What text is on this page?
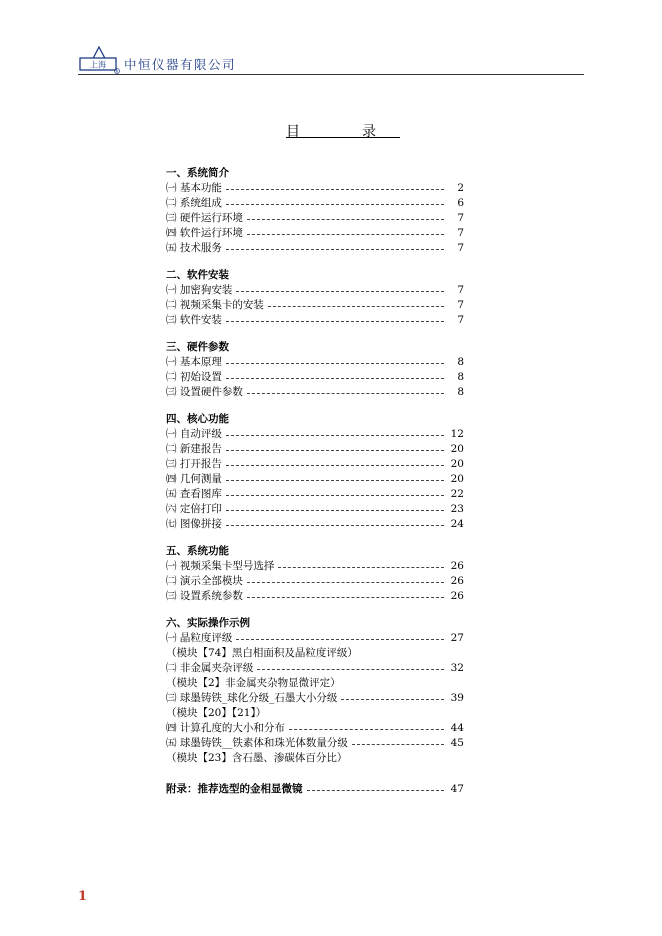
上海
R 中恒仪器有限公司
目　录
一、系统简介
㈠ 基本功能	2
㈡ 系统组成	6
㈢ 硬件运行环境	7
㈣ 软件运行环境	7
㈤ 技术服务	7
二、软件安装
㈠ 加密狗安装	7
㈡ 视频采集卡的安装	7
㈢ 软件安装	7
三、硬件参数
㈠ 基本原理	8
㈡ 初始设置	8
㈢ 设置硬件参数	8
四、核心功能
㈠ 自动评级	12
㈡ 新建报告	20
㈢ 打开报告	20
㈣ 几何测量	20
㈤ 查看图库	22
㈥ 定倍打印	23
㈦ 图像拼接	24
五、系统功能
㈠ 视频采集卡型号选择	26
㈡ 演示全部模块	26
㈢ 设置系统参数	26
六、实际操作示例
㈠ 晶粒度评级	27
（模块【74】黑白相面积及晶粒度评级）
㈡ 非金属夹杂评级	32
（模块【2】非金属夹杂物显微评定）
㈢ 球墨铸铁_球化分级_石墨大小分级	39
（模块【20】【21】）
㈣ 计算孔度的大小和分布	44
㈤ 球墨铸铁__铁素体和珠光体数量分级	45
（模块【23】含石墨、渗碳体百分比）
附录：推荐选型的金相显微镜	47
1
